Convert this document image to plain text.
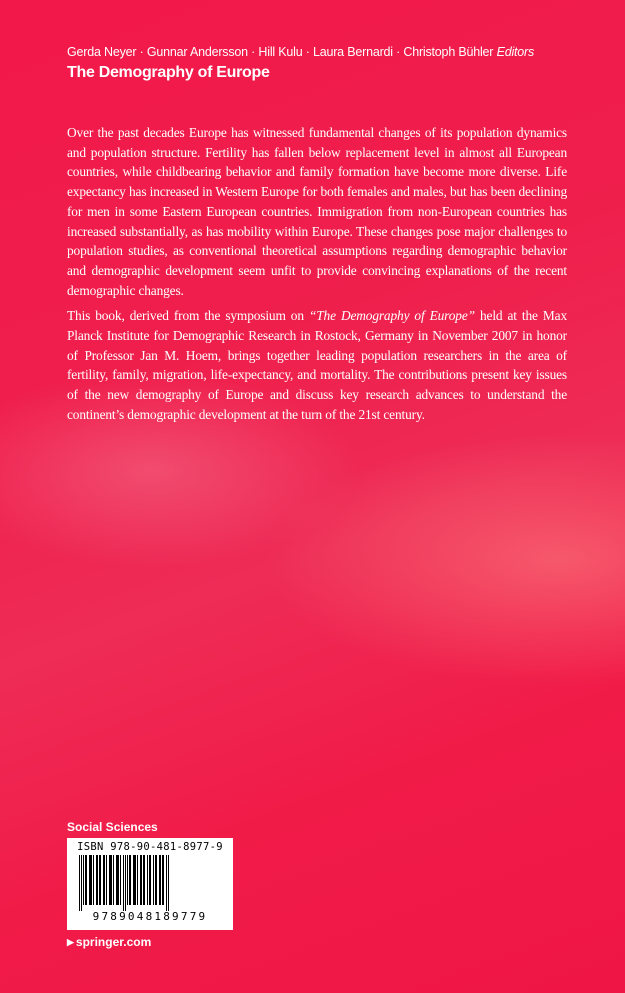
Gerda Neyer · Gunnar Andersson · Hill Kulu · Laura Bernardi · Christoph Bühler Editors
The Demography of Europe

Over the past decades Europe has witnessed fundamental changes of its population dynamics and population structure. Fertility has fallen below replacement level in almost all European countries, while childbearing behavior and family formation have become more diverse. Life expectancy has increased in Western Europe for both females and males, but has been declining for men in some Eastern European countries. Immigration from non-European countries has increased substantially, as has mobility within Europe. These changes pose major challenges to population studies, as conventional theoretical assumptions regarding demographic behavior and demographic development seem unfit to provide convincing explanations of the recent demographic changes.

This book, derived from the symposium on “The Demography of Europe” held at the Max Planck Institute for Demographic Research in Rostock, Germany in November 2007 in honor of Professor Jan M. Hoem, brings together leading population researchers in the area of fertility, family, migration, life-expectancy, and mortality. The contributions present key issues of the new demography of Europe and discuss key research advances to understand the continent’s demographic development at the turn of the 21st century.

Social Sciences
ISBN 978-90-481-8977-9
9789048189779
▶ springer.com
